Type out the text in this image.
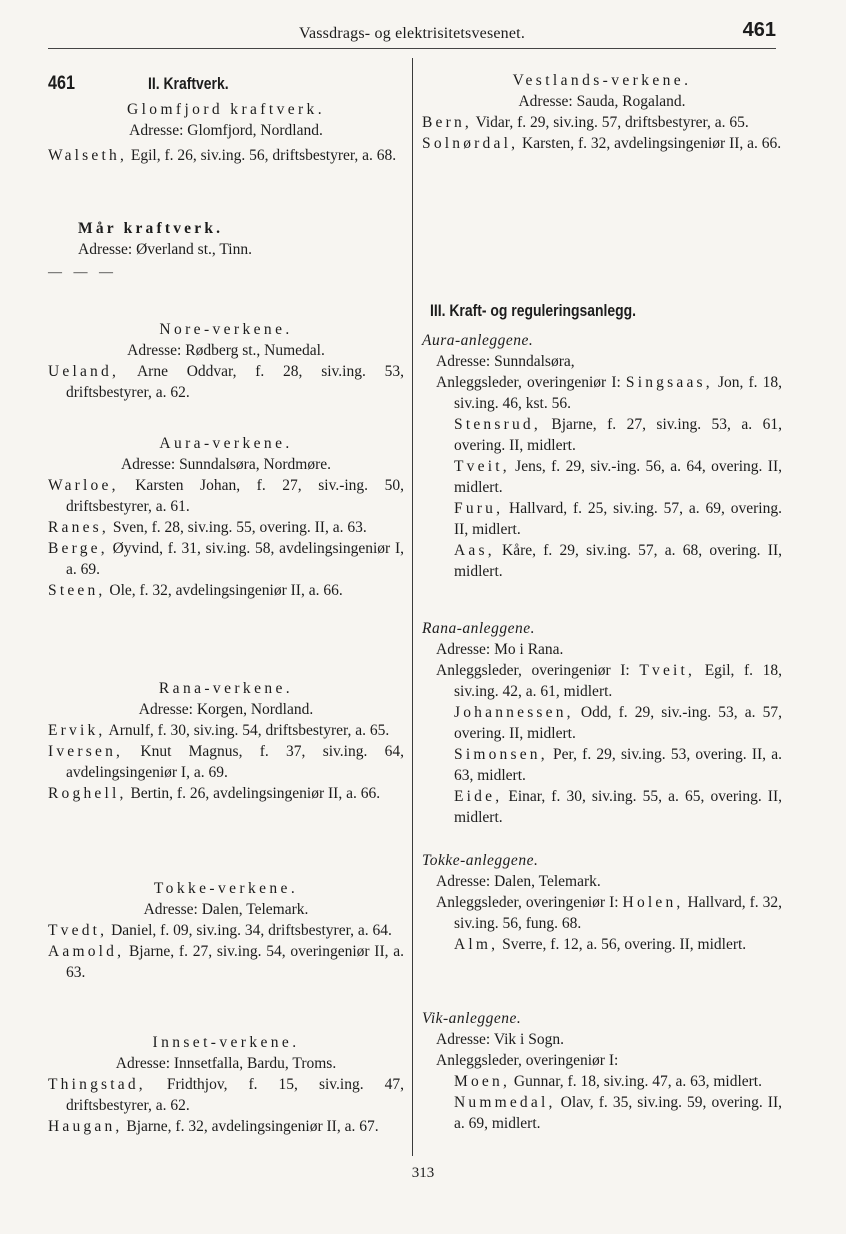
Vassdrags- og elektrisitetsvesenet.	461
461	II. Kraftverk.

Glomfjord kraftverk.

Adresse: Glomfjord, Nordland.

Walseth, Egil, f. 26, siv.ing. 56, driftsbestyrer, a. 68.

Mår kraftverk.

Adresse: Øverland st., Tinn.

— — —

Nore-verkene.

Adresse: Rødberg st., Numedal.

Ueland, Arne Oddvar, f. 28, siv.ing. 53, driftsbestyrer, a. 62.

Aura-verkene.

Adresse: Sunndalsøra, Nordmøre.

Warloe, Karsten Johan, f. 27, siv.-ing. 50, driftsbestyrer, a. 61.

Ranes, Sven, f. 28, siv.ing. 55, overing. II, a. 63.

Berge, Øyvind, f. 31, siv.ing. 58, avdelingsingeniør I, a. 69.

Steen, Ole, f. 32, avdelingsingeniør II, a. 66.

Rana-verkene.

Adresse: Korgen, Nordland.

Ervik, Arnulf, f. 30, siv.ing. 54, driftsbestyrer, a. 65.

Iversen, Knut Magnus, f. 37, siv.ing. 64, avdelingsingeniør I, a. 69.

Roghell, Bertin, f. 26, avdelingsingeniør II, a. 66.

Tokke-verkene.

Adresse: Dalen, Telemark.

Tvedt, Daniel, f. 09, siv.ing. 34, driftsbestyrer, a. 64.

Aamold, Bjarne, f. 27, siv.ing. 54, overingeniør II, a. 63.

Innset-verkene.

Adresse: Innsetfalla, Bardu, Troms.

Thingstad, Fridthjov, f. 15, siv.ing. 47, driftsbestyrer, a. 62.

Haugan, Bjarne, f. 32, avdelingsingeniør II, a. 67.

Vestlands-verkene.

Adresse: Sauda, Rogaland.

Bern, Vidar, f. 29, siv.ing. 57, driftsbestyrer, a. 65.

Solnørdal, Karsten, f. 32, avdelingsingeniør II, a. 66.

III. Kraft- og reguleringsanlegg.

Aura-anleggene.

Adresse: Sunndalsøra,

Anleggsleder, overingeniør I: Singsaas, Jon, f. 18, siv.ing. 46, kst. 56.

Stensrud, Bjarne, f. 27, siv.ing. 53, a. 61, overing. II, midlert.

Tveit, Jens, f. 29, siv.-ing. 56, a. 64, overing. II, midlert.

Furu, Hallvard, f. 25, siv.ing. 57, a. 69, overing. II, midlert.

Aas, Kåre, f. 29, siv.ing. 57, a. 68, overing. II, midlert.

Rana-anleggene.

Adresse: Mo i Rana.

Anleggsleder, overingeniør I: Tveit, Egil, f. 18, siv.ing. 42, a. 61, midlert.

Johannessen, Odd, f. 29, siv.-ing. 53, a. 57, overing. II, midlert.

Simonsen, Per, f. 29, siv.ing. 53, overing. II, a. 63, midlert.

Eide, Einar, f. 30, siv.ing. 55, a. 65, overing. II, midlert.

Tokke-anleggene.

Adresse: Dalen, Telemark.

Anleggsleder, overingeniør I: Holen, Hallvard, f. 32, siv.ing. 56, fung. 68.

Alm, Sverre, f. 12, a. 56, overing. II, midlert.

Vik-anleggene.

Adresse: Vik i Sogn.

Anleggsleder, overingeniør I:

Moen, Gunnar, f. 18, siv.ing. 47, a. 63, midlert.

Nummedal, Olav, f. 35, siv.ing. 59, overing. II, a. 69, midlert.

313
